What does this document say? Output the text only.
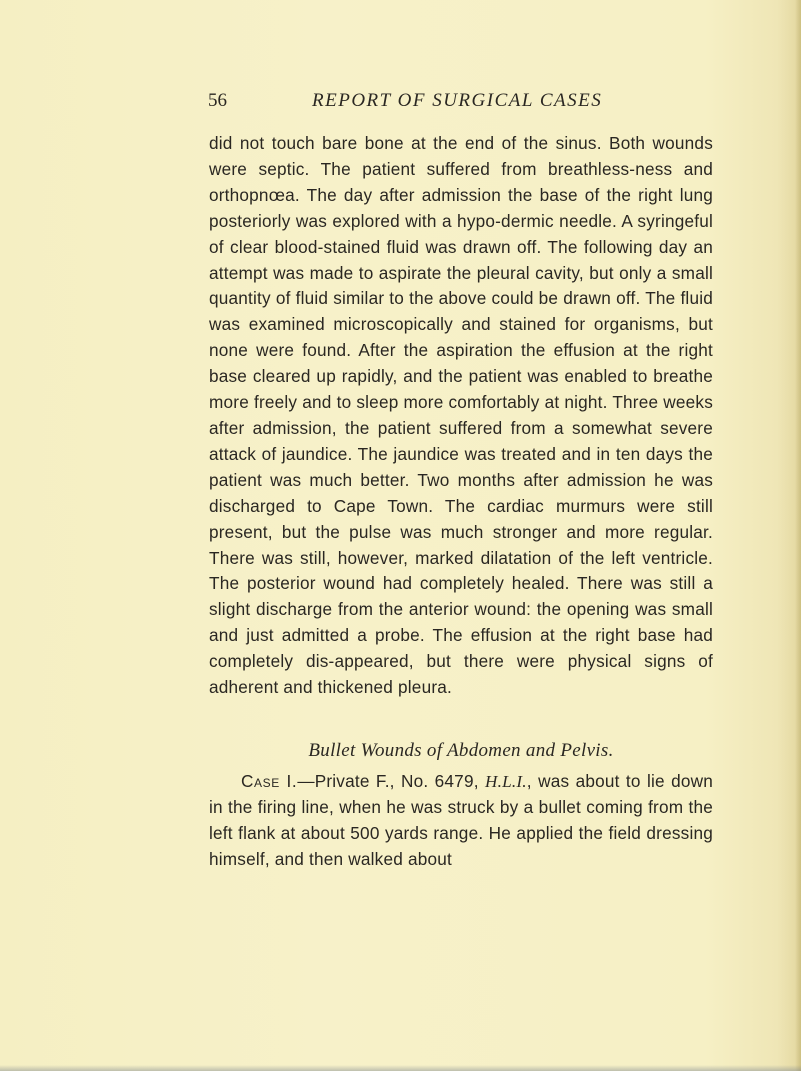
56	REPORT OF SURGICAL CASES
did not touch bare bone at the end of the sinus. Both wounds were septic. The patient suffered from breathless-ness and orthopnœa. The day after admission the base of the right lung posteriorly was explored with a hypo-dermic needle. A syringeful of clear blood-stained fluid was drawn off. The following day an attempt was made to aspirate the pleural cavity, but only a small quantity of fluid similar to the above could be drawn off. The fluid was examined microscopically and stained for organisms, but none were found. After the aspiration the effusion at the right base cleared up rapidly, and the patient was enabled to breathe more freely and to sleep more comfortably at night. Three weeks after admission, the patient suffered from a somewhat severe attack of jaundice. The jaundice was treated and in ten days the patient was much better. Two months after admission he was discharged to Cape Town. The cardiac murmurs were still present, but the pulse was much stronger and more regular. There was still, however, marked dilatation of the left ventricle. The posterior wound had completely healed. There was still a slight discharge from the anterior wound: the opening was small and just admitted a probe. The effusion at the right base had completely dis-appeared, but there were physical signs of adherent and thickened pleura.
Bullet Wounds of Abdomen and Pelvis.
Case I.—Private F., No. 6479, H.L.I., was about to lie down in the firing line, when he was struck by a bullet coming from the left flank at about 500 yards range. He applied the field dressing himself, and then walked about
